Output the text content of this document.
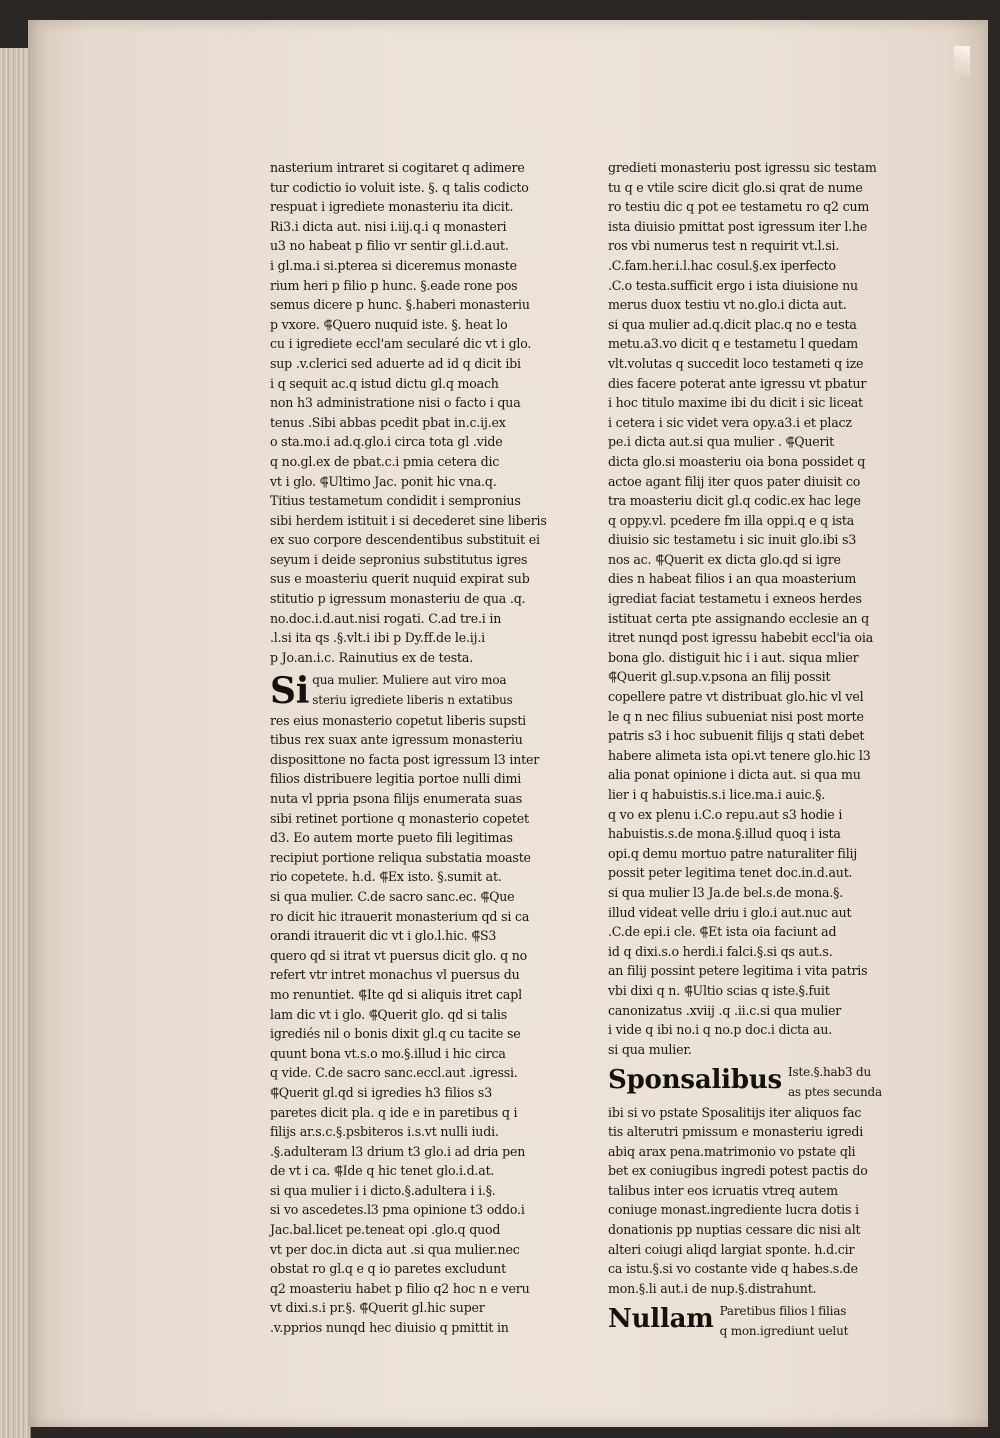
nasterium intraret si cogitaret q adimere
tur codictio io voluit iste. §. q talis codicto
respuat i igrediete monasteriu ita dicit.
Ri3.i dicta aut. nisi i.iij.q.i q monasteri
u3 no habeat p filio vr sentir gl.i.d.aut.
i gl.ma.i si.pterea si diceremus monaste
rium heri p filio p hunc. §.eade rone pos
semus dicere p hunc. §.haberi monasteriu
p vxore. ⸿Quero nuquid iste. §. heat lo
cu i igrediete eccl'am secularé dic vt i glo.
sup .v.clerici sed aduerte ad id q dicit ibi
i q sequit ac.q istud dictu gl.q moach
non h3 administratione nisi o facto i qua
tenus .Sibi abbas pcedit pbat in.c.ij.ex
o sta.mo.i ad.q.glo.i circa tota gl .vide
q no.gl.ex de pbat.c.i pmia cetera dic
vt i glo. ⸿Ultimo Jac. ponit hic vna.q.
Titius testametum condidit i sempronius
sibi herdem istituit i si decederet sine liberis
ex suo corpore descendentibus substituit ei
seyum i deide sepronius substitutus igres
sus e moasteriu querit nuquid expirat sub
stitutio p igressum monasteriu de qua .q.
no.doc.i.d.aut.nisi rogati. C.ad tre.i in
.l.si ita qs .§.vlt.i ibi p Dy.ff.de le.ij.i
p Jo.an.i.c. Rainutius ex de testa.
Si qua mulier. Muliere aut viro moa
steriu igrediete liberis n extatibus
res eius monasterio copetut liberis supsti
tibus rex suax ante igressum monasteriu
disposittone no facta post igressum l3 inter
filios distribuere legitia portoe nulli dimi
nuta vl ppria psona filijs enumerata suas
sibi retinet portione q monasterio copetet
d3. Eo autem morte pueto fili legitimas
recipiut portione reliqua substatia moaste
rio copetete. h.d. ⸿Ex isto. §.sumit at.
si qua mulier. C.de sacro sanc.ec. ⸿Que
ro dicit hic itrauerit monasterium qd si ca
orandi itrauerit dic vt i glo.l.hic. ⸿S3
quero qd si itrat vt puersus dicit glo. q no
refert vtr intret monachus vl puersus du
mo renuntiet. ⸿Ite qd si aliquis itret capl
lam dic vt i glo. ⸿Querit glo. qd si talis
igrediés nil o bonis dixit gl.q cu tacite se
quunt bona vt.s.o mo.§.illud i hic circa
q vide. C.de sacro sanc.eccl.aut .igressi.
⸿Querit gl.qd si igredies h3 filios s3
paretes dicit pla. q ide e in paretibus q i
filijs ar.s.c.§.psbiteros i.s.vt nulli iudi.
.§.adulteram l3 drium t3 glo.i ad dria pen
de vt i ca. ⸿Ide q hic tenet glo.i.d.at.
si qua mulier i i dicto.§.adultera i i.§.
si vo ascedetes.l3 pma opinione t3 oddo.i
Jac.bal.licet pe.teneat opi .glo.q quod
vt per doc.in dicta aut .si qua mulier.nec
obstat ro gl.q e q io paretes excludunt
q2 moasteriu habet p filio q2 hoc n e veru
vt dixi.s.i pr.§. ⸿Querit gl.hic super
.v.pprios nunqd hec diuisio q pmittit in
gredieti monasteriu post igressu sic testam
tu q e vtile scire dicit glo.si qrat de nume
ro testiu dic q pot ee testametu ro q2 cum
ista diuisio pmittat post igressum iter l.he
ros vbi numerus test n requirit vt.l.si.
.C.fam.her.i.l.hac cosul.§.ex iperfecto
.C.o testa.sufficit ergo i ista diuisione nu
merus duox testiu vt no.glo.i dicta aut.
si qua mulier ad.q.dicit plac.q no e testa
metu.a3.vo dicit q e testametu l quedam
vlt.volutas q succedit loco testameti q ize
dies facere poterat ante igressu vt pbatur
i hoc titulo maxime ibi du dicit i sic liceat
i cetera i sic videt vera opy.a3.i et placz
pe.i dicta aut.si qua mulier . ⸿Querit
dicta glo.si moasteriu oia bona possidet q
actoe agant filij iter quos pater diuisit co
tra moasteriu dicit gl.q codic.ex hac lege
q oppy.vl. pcedere fm illa oppi.q e q ista
diuisio sic testametu i sic inuit glo.ibi s3
nos ac. ⸿Querit ex dicta glo.qd si igre
dies n habeat filios i an qua moasterium
igrediat faciat testametu i exneos herdes
istituat certa pte assignando ecclesie an q
itret nunqd post igressu habebit eccl'ia oia
bona glo. distiguit hic i i aut. siqua mlier
⸿Querit gl.sup.v.psona an filij possit
copellere patre vt distribuat glo.hic vl vel
le q n nec filius subueniat nisi post morte
patris s3 i hoc subuenit filijs q stati debet
habere alimeta ista opi.vt tenere glo.hic l3
alia ponat opinione i dicta aut. si qua mu
lier i q habuistis.s.i lice.ma.i auic.§.
q vo ex plenu i.C.o repu.aut s3 hodie i
habuistis.s.de mona.§.illud quoq i ista
opi.q demu mortuo patre naturaliter filij
possit peter legitima tenet doc.in.d.aut.
si qua mulier l3 Ja.de bel.s.de mona.§.
illud videat velle driu i glo.i aut.nuc aut
.C.de epi.i cle. ⸿Et ista oia faciunt ad
id q dixi.s.o herdi.i falci.§.si qs aut.s.
an filij possint petere legitima i vita patris
vbi dixi q n. ⸿Ultio scias q iste.§.fuit
canonizatus .xviij .q .ii.c.si qua mulier
i vide q ibi no.i q no.p doc.i dicta au.
si qua mulier.
Sponsalibus Iste.§.hab3 du
as ptes secunda
ibi si vo pstate Sposalitijs iter aliquos fac
tis alterutri pmissum e monasteriu igredi
abiq arax pena.matrimonio vo pstate qli
bet ex coniugibus ingredi potest pactis do
talibus inter eos icruatis vtreq autem
coniuge monast.ingrediente lucra dotis i
donationis pp nuptias cessare dic nisi alt
alteri coiugi aliqd largiat sponte. h.d.cir
ca istu.§.si vo costante vide q habes.s.de
mon.§.li aut.i de nup.§.distrahunt.
Nullam Paretibus filios l filias
q mon.igrediunt uelut
